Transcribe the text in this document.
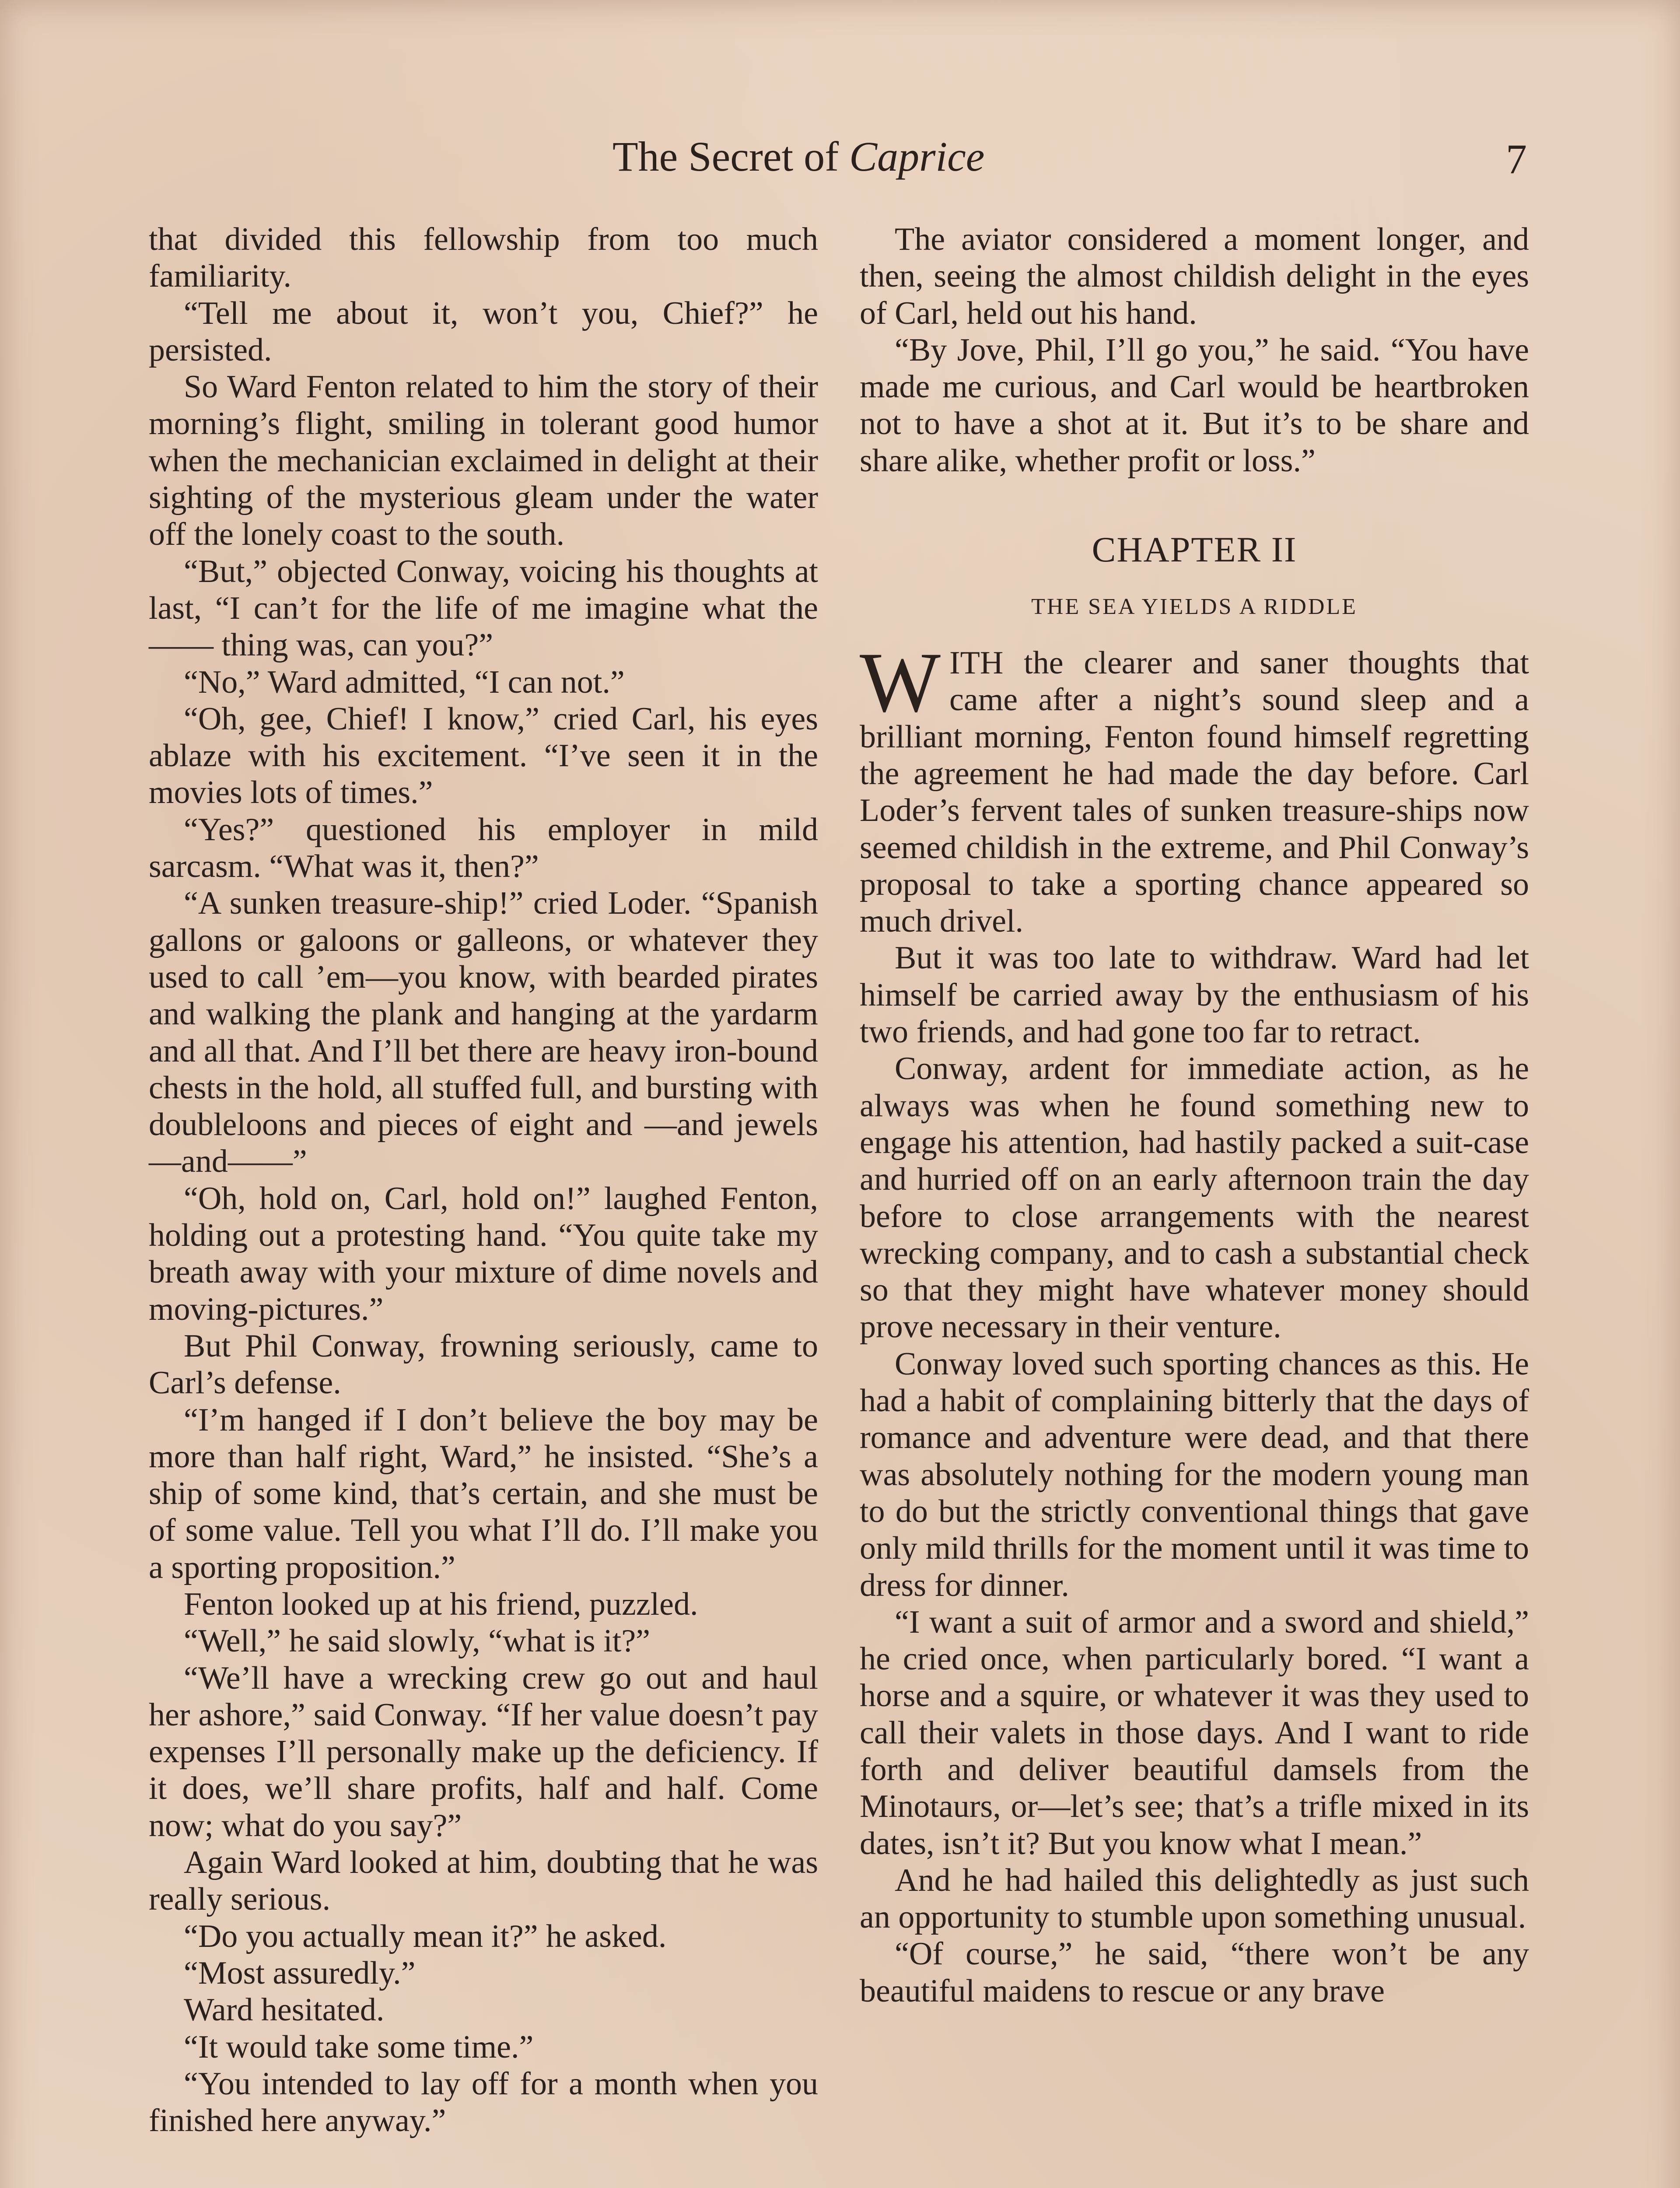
The Secret of Caprice	7

that divided this fellowship from too much familiarity.

“Tell me about it, won’t you, Chief?” he persisted.

So Ward Fenton related to him the story of their morning’s flight, smiling in tolerant good humor when the mechanician exclaimed in delight at their sighting of the mysterious gleam under the water off the lonely coast to the south.

“But,” objected Conway, voicing his thoughts at last, “I can’t for the life of me imagine what the —— thing was, can you?”

“No,” Ward admitted, “I can not.”

“Oh, gee, Chief! I know,” cried Carl, his eyes ablaze with his excitement. “I’ve seen it in the movies lots of times.”

“Yes?” questioned his employer in mild sarcasm. “What was it, then?”

“A sunken treasure-ship!” cried Loder. “Spanish gallons or galoons or galleons, or whatever they used to call ’em—you know, with bearded pirates and walking the plank and hanging at the yardarm and all that. And I’ll bet there are heavy iron-bound chests in the hold, all stuffed full, and bursting with doubleloons and pieces of eight and —and jewels—and——”

“Oh, hold on, Carl, hold on!” laughed Fenton, holding out a protesting hand. “You quite take my breath away with your mixture of dime novels and moving-pictures.”

But Phil Conway, frowning seriously, came to Carl’s defense.

“I’m hanged if I don’t believe the boy may be more than half right, Ward,” he insisted. “She’s a ship of some kind, that’s certain, and she must be of some value. Tell you what I’ll do. I’ll make you a sporting proposition.”

Fenton looked up at his friend, puzzled.

“Well,” he said slowly, “what is it?”

“We’ll have a wrecking crew go out and haul her ashore,” said Conway. “If her value doesn’t pay expenses I’ll personally make up the deficiency. If it does, we’ll share profits, half and half. Come now; what do you say?”

Again Ward looked at him, doubting that he was really serious.

“Do you actually mean it?” he asked.

“Most assuredly.”

Ward hesitated.

“It would take some time.”

“You intended to lay off for a month when you finished here anyway.”

The aviator considered a moment longer, and then, seeing the almost childish delight in the eyes of Carl, held out his hand.

“By Jove, Phil, I’ll go you,” he said. “You have made me curious, and Carl would be heartbroken not to have a shot at it. But it’s to be share and share alike, whether profit or loss.”

CHAPTER II
THE SEA YIELDS A RIDDLE

WITH the clearer and saner thoughts that came after a night’s sound sleep and a brilliant morning, Fenton found himself regretting the agreement he had made the day before. Carl Loder’s fervent tales of sunken treasure-ships now seemed childish in the extreme, and Phil Conway’s proposal to take a sporting chance appeared so much drivel.

But it was too late to withdraw. Ward had let himself be carried away by the enthusiasm of his two friends, and had gone too far to retract.

Conway, ardent for immediate action, as he always was when he found something new to engage his attention, had hastily packed a suit-case and hurried off on an early afternoon train the day before to close arrangements with the nearest wrecking company, and to cash a substantial check so that they might have whatever money should prove necessary in their venture.

Conway loved such sporting chances as this. He had a habit of complaining bitterly that the days of romance and adventure were dead, and that there was absolutely nothing for the modern young man to do but the strictly conventional things that gave only mild thrills for the moment until it was time to dress for dinner.

“I want a suit of armor and a sword and shield,” he cried once, when particularly bored. “I want a horse and a squire, or whatever it was they used to call their valets in those days. And I want to ride forth and deliver beautiful damsels from the Minotaurs, or—let’s see; that’s a trifle mixed in its dates, isn’t it? But you know what I mean.”

And he had hailed this delightedly as just such an opportunity to stumble upon something unusual.

“Of course,” he said, “there won’t be any beautiful maidens to rescue or any brave
